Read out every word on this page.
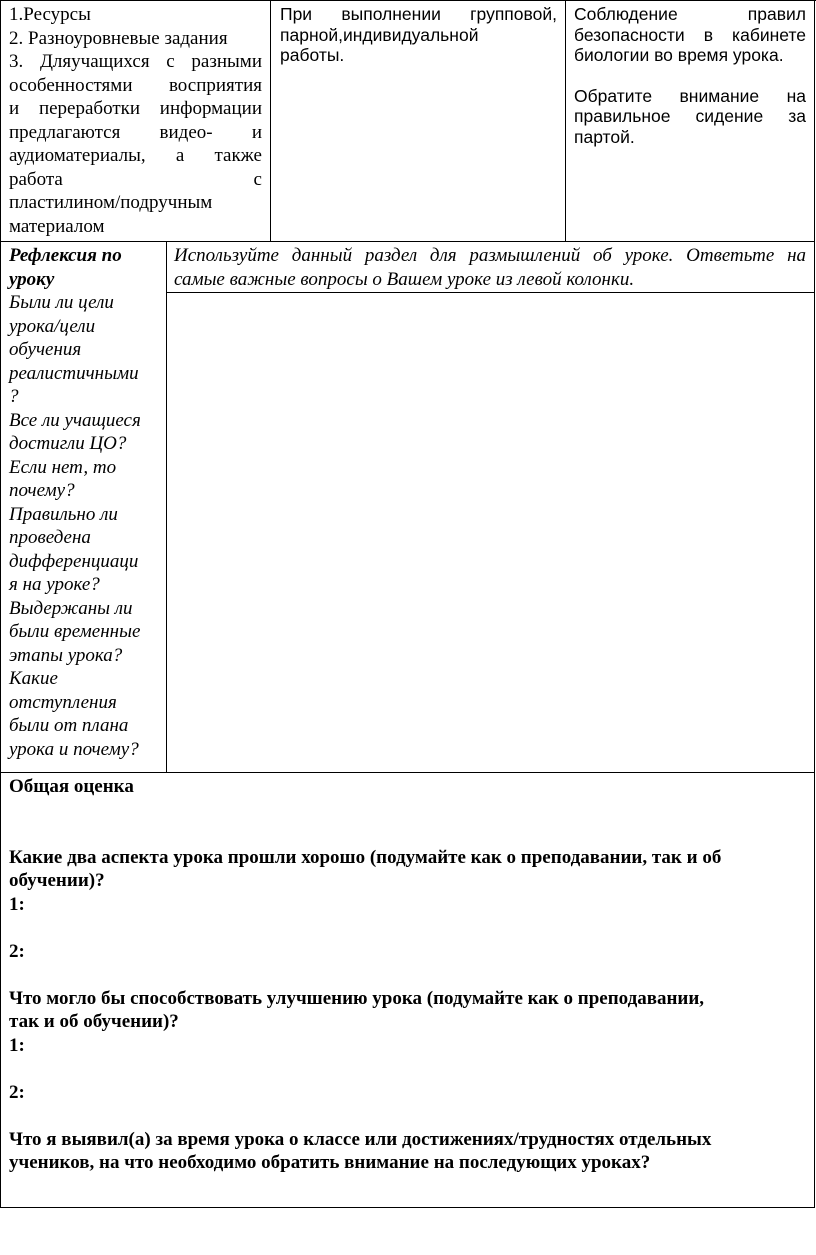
1.Ресурсы
2. Разноуровневые задания
3. Дляучащихся с разными
особенностями восприятия
и переработки информации
предлагаются видео- и
аудиоматериалы, а также
работа с
пластилином/подручным
материалом
При выполнении групповой,
парной,индивидуальной
работы.
Соблюдение правил
безопасности в кабинете
биологии во время урока.
Обратите внимание на
правильное сидение за
партой.
Рефлексия по
уроку
Были ли цели
урока/цели
обучения
реалистичными
?
Все ли учащиеся
достигли ЦО?
Если нет, то
почему?
Правильно ли
проведена
дифференциаци
я на уроке?
Выдержаны ли
были временные
этапы урока?
Какие
отступления
были от плана
урока и почему?
Используйте данный раздел для размышлений об уроке. Ответьте на
самые важные вопросы о Вашем уроке из левой колонки.
Общая оценка
Какие два аспекта урока прошли хорошо (подумайте как о преподавании, так и об
обучении)?
1:
2:
Что могло бы способствовать улучшению урока (подумайте как о преподавании,
так и об обучении)?
1:
2:
Что я выявил(а) за время урока о классе или достижениях/трудностях отдельных
учеников, на что необходимо обратить внимание на последующих уроках?
